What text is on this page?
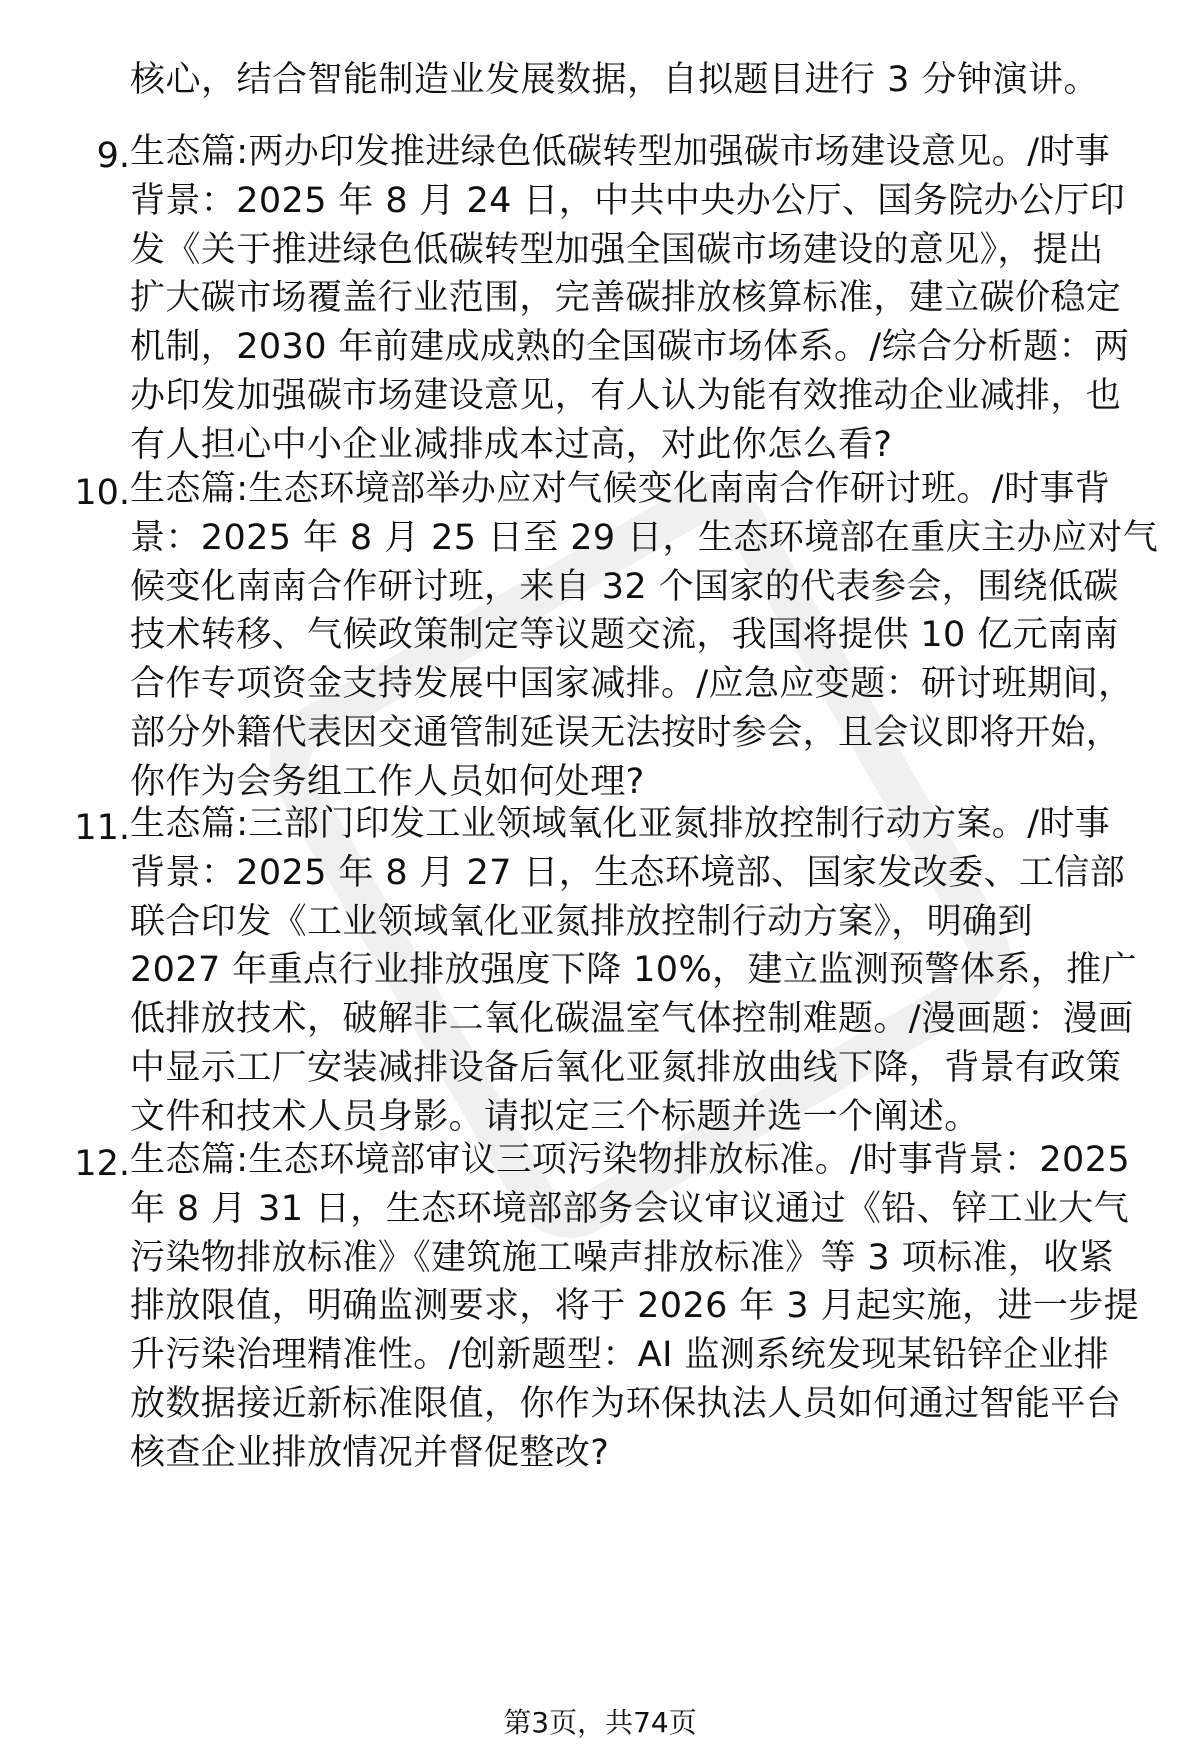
核心，结合智能制造业发展数据，自拟题目进行 3 分钟演讲。
9. 生态篇:两办印发推进绿色低碳转型加强碳市场建设意见。/时事
背景：2025 年 8 月 24 日，中共中央办公厅、国务院办公厅印
发《关于推进绿色低碳转型加强全国碳市场建设的意见》，提出
扩大碳市场覆盖行业范围，完善碳排放核算标准，建立碳价稳定
机制，2030 年前建成成熟的全国碳市场体系。/综合分析题：两
办印发加强碳市场建设意见，有人认为能有效推动企业减排，也
有人担心中小企业减排成本过高，对此你怎么看?
10. 生态篇:生态环境部举办应对气候变化南南合作研讨班。/时事背
景：2025 年 8 月 25 日至 29 日，生态环境部在重庆主办应对气
候变化南南合作研讨班，来自 32 个国家的代表参会，围绕低碳
技术转移、气候政策制定等议题交流，我国将提供 10 亿元南南
合作专项资金支持发展中国家减排。/应急应变题：研讨班期间，
部分外籍代表因交通管制延误无法按时参会，且会议即将开始，
你作为会务组工作人员如何处理?
11. 生态篇:三部门印发工业领域氧化亚氮排放控制行动方案。/时事
背景：2025 年 8 月 27 日，生态环境部、国家发改委、工信部
联合印发《工业领域氧化亚氮排放控制行动方案》，明确到
2027 年重点行业排放强度下降 10%，建立监测预警体系，推广
低排放技术，破解非二氧化碳温室气体控制难题。/漫画题：漫画
中显示工厂安装减排设备后氧化亚氮排放曲线下降，背景有政策
文件和技术人员身影。请拟定三个标题并选一个阐述。
12. 生态篇:生态环境部审议三项污染物排放标准。/时事背景：2025
年 8 月 31 日，生态环境部部务会议审议通过《铅、锌工业大气
污染物排放标准》《建筑施工噪声排放标准》等 3 项标准，收紧
排放限值，明确监测要求，将于 2026 年 3 月起实施，进一步提
升污染治理精准性。/创新题型：AI 监测系统发现某铅锌企业排
放数据接近新标准限值，你作为环保执法人员如何通过智能平台
核查企业排放情况并督促整改?
第3页，共74页
